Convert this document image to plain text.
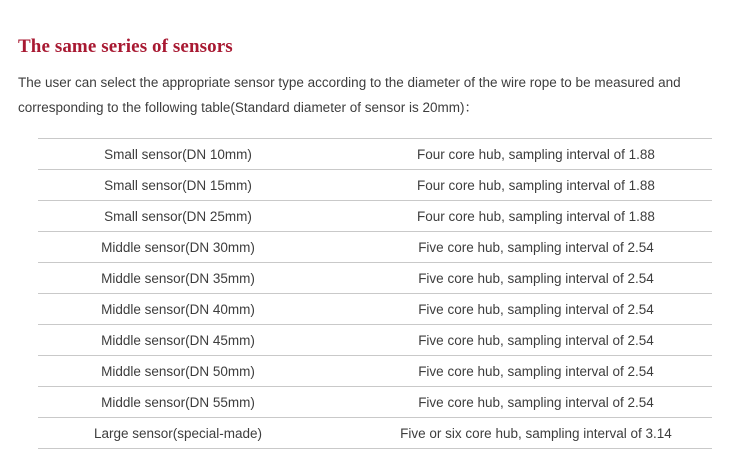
The same series of sensors

The user can select the appropriate sensor type according to the diameter of the wire rope to be measured and corresponding to the following table(Standard diameter of sensor is 20mm)：

Small sensor(DN 10mm)		Four core hub, sampling interval of 1.88
Small sensor(DN 15mm)		Four core hub, sampling interval of 1.88
Small sensor(DN 25mm)		Four core hub, sampling interval of 1.88
Middle sensor(DN 30mm)		Five core hub, sampling interval of 2.54
Middle sensor(DN 35mm)		Five core hub, sampling interval of 2.54
Middle sensor(DN 40mm)		Five core hub, sampling interval of 2.54
Middle sensor(DN 45mm)		Five core hub, sampling interval of 2.54
Middle sensor(DN 50mm)		Five core hub, sampling interval of 2.54
Middle sensor(DN 55mm)		Five core hub, sampling interval of 2.54
Large sensor(special-made)		Five or six core hub, sampling interval of 3.14
